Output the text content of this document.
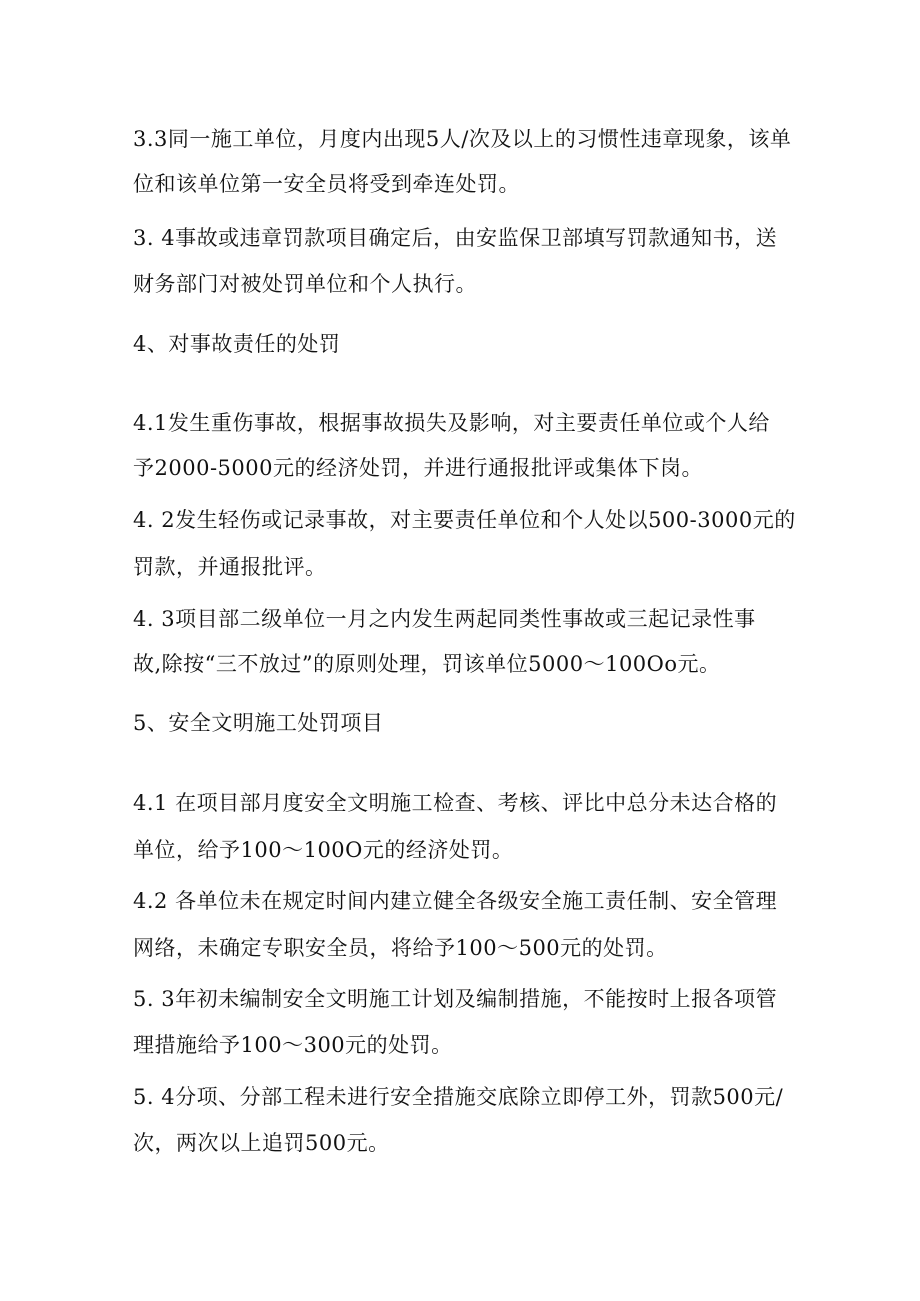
3.3同一施工单位，月度内出现5人/次及以上的习惯性违章现象，该单
位和该单位第一安全员将受到牵连处罚。
3. 4事故或违章罚款项目确定后，由安监保卫部填写罚款通知书，送
财务部门对被处罚单位和个人执行。
4、对事故责任的处罚
4.1发生重伤事故，根据事故损失及影响，对主要责任单位或个人给
予2000-5000元的经济处罚，并进行通报批评或集体下岗。
4. 2发生轻伤或记录事故，对主要责任单位和个人处以500-3000元的
罚款，并通报批评。
4. 3项目部二级单位一月之内发生两起同类性事故或三起记录性事
故,除按“三不放过”的原则处理，罚该单位5000～100Oo元。
5、安全文明施工处罚项目
4.1 在项目部月度安全文明施工检查、考核、评比中总分未达合格的
单位，给予100～100O元的经济处罚。
4.2 各单位未在规定时间内建立健全各级安全施工责任制、安全管理
网络，未确定专职安全员，将给予100～500元的处罚。
5. 3年初未编制安全文明施工计划及编制措施，不能按时上报各项管
理措施给予100～300元的处罚。
5. 4分项、分部工程未进行安全措施交底除立即停工外，罚款500元/
次，两次以上追罚500元。
